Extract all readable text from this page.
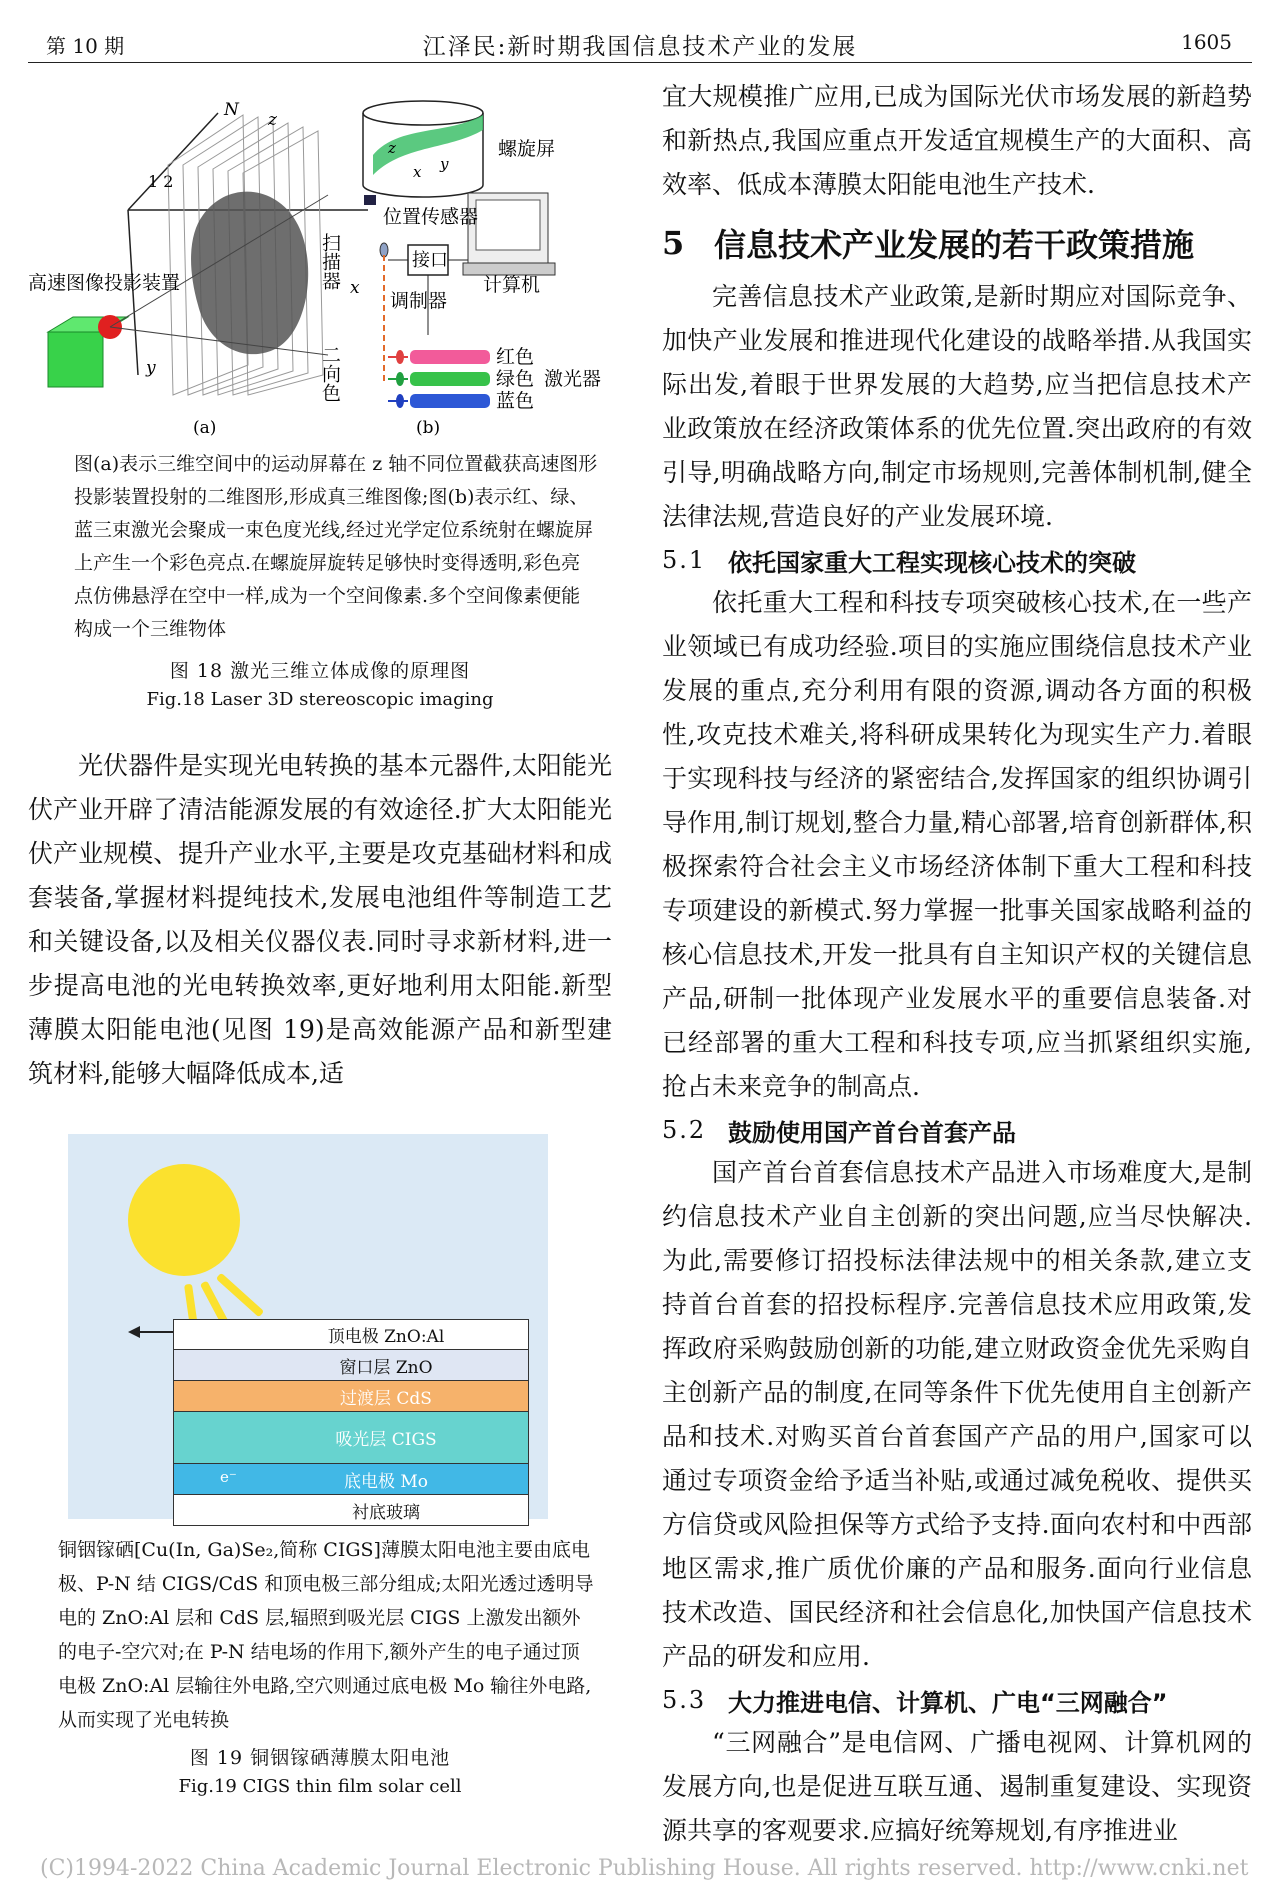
第 10 期	江泽民:新时期我国信息技术产业的发展	1605
高速图像投影装置
N z
x
y
1 2
(a)
z
x y
螺旋屏
位置传感器
扫描器	接口
计算机
调制器
二向色	红色
绿色
蓝色
激光器
(b)
图(a)表示三维空间中的运动屏幕在 z 轴不同位置截获高速图形投影装置投射的二维图形,形成真三维图像;图(b)表示红、绿、蓝三束激光会聚成一束色度光线,经过光学定位系统射在螺旋屏上产生一个彩色亮点.在螺旋屏旋转足够快时变得透明,彩色亮点仿佛悬浮在空中一样,成为一个空间像素.多个空间像素便能构成一个三维物体
图 18 激光三维立体成像的原理图
Fig.18 Laser 3D stereoscopic imaging

光伏器件是实现光电转换的基本元器件,太阳能光伏产业开辟了清洁能源发展的有效途径.扩大太阳能光伏产业规模、提升产业水平,主要是攻克基础材料和成套装备,掌握材料提纯技术,发展电池组件等制造工艺和关键设备,以及相关仪器仪表.同时寻求新材料,进一步提高电池的光电转换效率,更好地利用太阳能.新型薄膜太阳能电池(见图 19)是高效能源产品和新型建筑材料,能够大幅降低成本,适

顶电极 ZnO:Al
窗口层 ZnO
过渡层 CdS
吸光层 CIGS
e⁻	底电极 Mo
衬底玻璃
铜铟镓硒[Cu(In, Ga)Se₂,简称 CIGS]薄膜太阳电池主要由底电极、P-N 结 CIGS/CdS 和顶电极三部分组成;太阳光透过透明导电的 ZnO:Al 层和 CdS 层,辐照到吸光层 CIGS 上激发出额外的电子-空穴对;在 P-N 结电场的作用下,额外产生的电子通过顶电极 ZnO:Al 层输往外电路,空穴则通过底电极 Mo 输往外电路,从而实现了光电转换
图 19 铜铟镓硒薄膜太阳电池
Fig.19 CIGS thin film solar cell

宜大规模推广应用,已成为国际光伏市场发展的新趋势和新热点,我国应重点开发适宜规模生产的大面积、高效率、低成本薄膜太阳能电池生产技术.

5 信息技术产业发展的若干政策措施

完善信息技术产业政策,是新时期应对国际竞争、加快产业发展和推进现代化建设的战略举措.从我国实际出发,着眼于世界发展的大趋势,应当把信息技术产业政策放在经济政策体系的优先位置.突出政府的有效引导,明确战略方向,制定市场规则,完善体制机制,健全法律法规,营造良好的产业发展环境.

5.1 依托国家重大工程实现核心技术的突破

依托重大工程和科技专项突破核心技术,在一些产业领域已有成功经验.项目的实施应围绕信息技术产业发展的重点,充分利用有限的资源,调动各方面的积极性,攻克技术难关,将科研成果转化为现实生产力.着眼于实现科技与经济的紧密结合,发挥国家的组织协调引导作用,制订规划,整合力量,精心部署,培育创新群体,积极探索符合社会主义市场经济体制下重大工程和科技专项建设的新模式.努力掌握一批事关国家战略利益的核心信息技术,开发一批具有自主知识产权的关键信息产品,研制一批体现产业发展水平的重要信息装备.对已经部署的重大工程和科技专项,应当抓紧组织实施,抢占未来竞争的制高点.

5.2 鼓励使用国产首台首套产品

国产首台首套信息技术产品进入市场难度大,是制约信息技术产业自主创新的突出问题,应当尽快解决.为此,需要修订招投标法律法规中的相关条款,建立支持首台首套的招投标程序.完善信息技术应用政策,发挥政府采购鼓励创新的功能,建立财政资金优先采购自主创新产品的制度,在同等条件下优先使用自主创新产品和技术.对购买首台首套国产产品的用户,国家可以通过专项资金给予适当补贴,或通过减免税收、提供买方信贷或风险担保等方式给予支持.面向农村和中西部地区需求,推广质优价廉的产品和服务.面向行业信息技术改造、国民经济和社会信息化,加快国产信息技术产品的研发和应用.

5.3 大力推进电信、计算机、广电“三网融合”

“三网融合”是电信网、广播电视网、计算机网的发展方向,也是促进互联互通、遏制重复建设、实现资源共享的客观要求.应搞好统筹规划,有序推进业

(C)1994-2022 China Academic Journal Electronic Publishing House. All rights reserved. http://www.cnki.net
